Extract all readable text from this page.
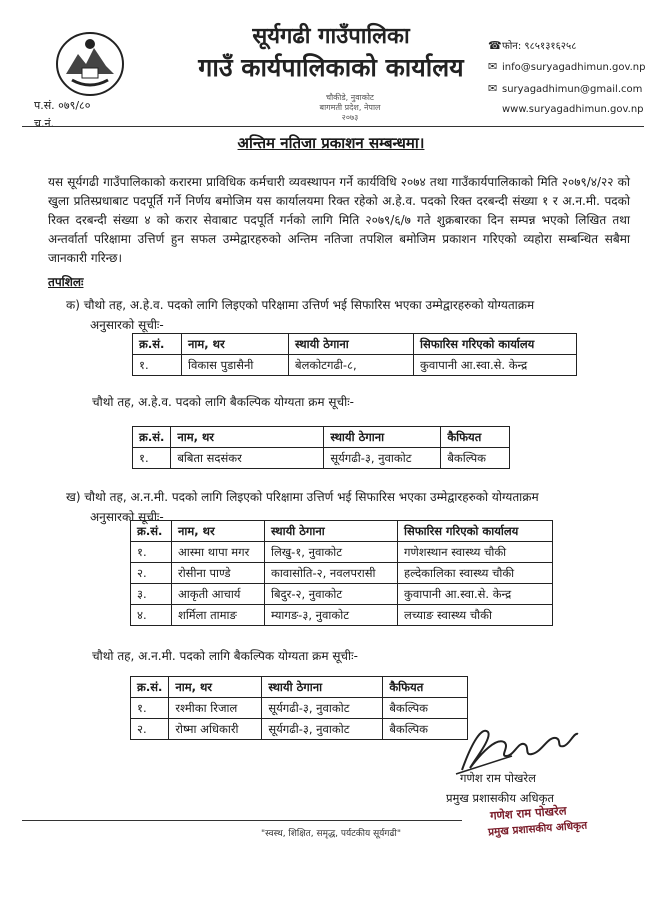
सूर्यगढी गाउँपालिका
गाउँ कार्यपालिकाको कार्यालय
☎फोन: ९८५१३१६२५८
✉ info@suryagadhimun.gov.np
✉ suryagadhimun@gmail.com
www.suryagadhimun.gov.np
प.सं. ०७९/८०
च.नं.
चौकीडे, नुवाकोट
बागमती प्रदेश, नेपाल
२०७३
अन्तिम नतिजा प्रकाशन सम्बन्धमा।
यस सूर्यगढी गाउँपालिकाको करारमा प्राविधिक कर्मचारी व्यवस्थापन गर्ने कार्यविधि २०७४ तथा गाउँकार्यपालिकाको मिति २०७९/४/२२ को खुला प्रतिस्प्रधाबाट पदपूर्ति गर्ने निर्णय बमोजिम यस कार्यालयमा रिक्त रहेको अ.हे.व. पदको रिक्त दरबन्दी संख्या १ र अ.न.मी. पदको रिक्त दरबन्दी संख्या ४ को करार सेवाबाट पदपूर्ति गर्नको लागि मिति २०७९/६/७ गते शुक्रबारका दिन सम्पन्न भएको लिखित तथा अन्तर्वार्ता परिक्षामा उत्तिर्ण हुन सफल उम्मेद्वारहरुको अन्तिम नतिजा तपशिल बमोजिम प्रकाशन गरिएको व्यहोरा सम्बन्धित सबैमा जानकारी गरिन्छ।
तपशिलः
क) चौथो तह, अ.हे.व. पदको लागि लिइएको परिक्षामा उत्तिर्ण भई सिफारिस भएका उम्मेद्वारहरुको योग्यताक्रम
अनुसारको सूचीः-
क्र.सं.	नाम, थर	स्थायी ठेगाना	सिफारिस गरिएको कार्यालय
१.	विकास पुडासैनी	बेलकोटगढी-८,	कुवापानी आ.स्वा.से. केन्द्र
चौथो तह, अ.हे.व. पदको लागि बैकल्पिक योग्यता क्रम सूचीः-
क्र.सं.	नाम, थर	स्थायी ठेगाना	कैफियत
१.	बबिता सदसंकर	सूर्यगढी-३, नुवाकोट	बैकल्पिक
ख) चौथो तह, अ.न.मी. पदको लागि लिइएको परिक्षामा उत्तिर्ण भई सिफारिस भएका उम्मेद्वारहरुको योग्यताक्रम
अनुसारको सूचीः-
क्र.सं.	नाम, थर	स्थायी ठेगाना	सिफारिस गरिएको कार्यालय
१.	आस्मा थापा मगर	लिखु-१, नुवाकोट	गणेशस्थान स्वास्थ्य चौकी
२.	रोसीना पाण्डे	कावासोति-२, नवलपरासी	हल्देकालिका स्वास्थ्य चौकी
३.	आकृती आचार्य	बिदुर-२, नुवाकोट	कुवापानी आ.स्वा.से. केन्द्र
४.	शर्मिला तामाङ	म्यागङ-३, नुवाकोट	लच्याङ स्वास्थ्य चौकी
चौथो तह, अ.न.मी. पदको लागि बैकल्पिक योग्यता क्रम सूचीः-
क्र.सं.	नाम, थर	स्थायी ठेगाना	कैफियत
१.	रश्मीका रिजाल	सूर्यगढी-३, नुवाकोट	बैकल्पिक
२.	रोष्मा अधिकारी	सूर्यगढी-३, नुवाकोट	बैकल्पिक
गणेश राम पोखरेल
प्रमुख प्रशासकीय अधिकृत
गणेश राम पोखरेल
प्रमुख प्रशासकीय अधिकृत
"स्वस्थ, शिक्षित, समृद्ध, पर्यटकीय सूर्यगढी"
